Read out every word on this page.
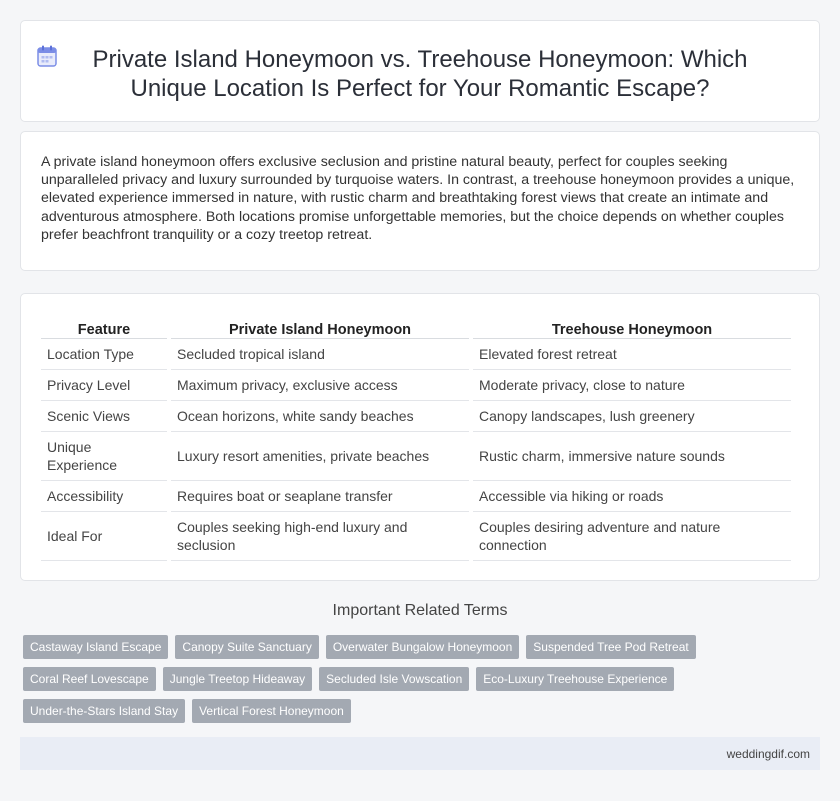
Private Island Honeymoon vs. Treehouse Honeymoon: Which Unique Location Is Perfect for Your Romantic Escape?

A private island honeymoon offers exclusive seclusion and pristine natural beauty, perfect for couples seeking unparalleled privacy and luxury surrounded by turquoise waters. In contrast, a treehouse honeymoon provides a unique, elevated experience immersed in nature, with rustic charm and breathtaking forest views that create an intimate and adventurous atmosphere. Both locations promise unforgettable memories, but the choice depends on whether couples prefer beachfront tranquility or a cozy treetop retreat.

Feature	Private Island Honeymoon	Treehouse Honeymoon
Location Type	Secluded tropical island	Elevated forest retreat
Privacy Level	Maximum privacy, exclusive access	Moderate privacy, close to nature
Scenic Views	Ocean horizons, white sandy beaches	Canopy landscapes, lush greenery
Unique Experience	Luxury resort amenities, private beaches	Rustic charm, immersive nature sounds
Accessibility	Requires boat or seaplane transfer	Accessible via hiking or roads
Ideal For	Couples seeking high-end luxury and seclusion	Couples desiring adventure and nature connection
Important Related Terms
Castaway Island Escape	Canopy Suite Sanctuary	Overwater Bungalow Honeymoon	Suspended Tree Pod Retreat
Coral Reef Lovescape	Jungle Treetop Hideaway	Secluded Isle Vowscation	Eco-Luxury Treehouse Experience
Under-the-Stars Island Stay	Vertical Forest Honeymoon
weddingdif.com
